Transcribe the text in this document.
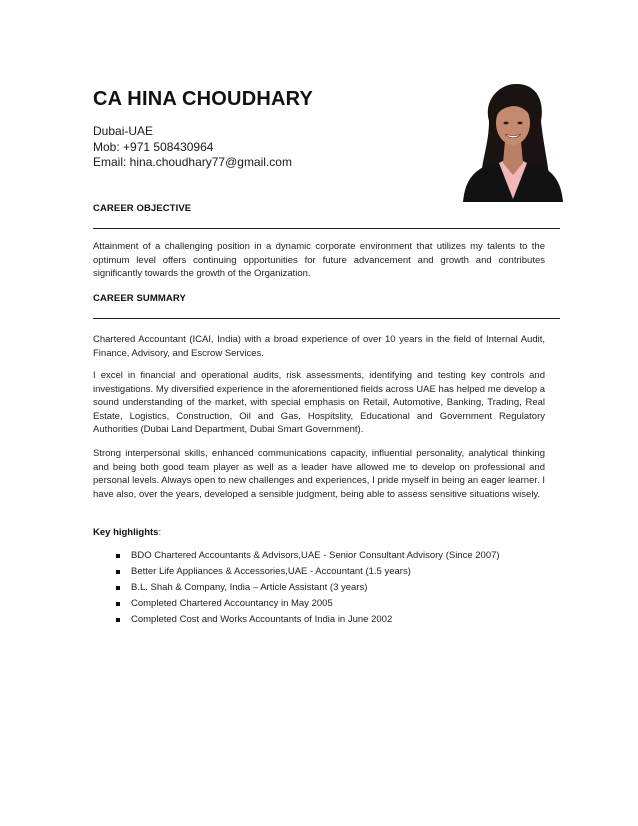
CA HINA CHOUDHARY
Dubai-UAE
Mob: +971 508430964
Email: hina.choudhary77@gmail.com
CAREER OBJECTIVE

Attainment of a challenging position in a dynamic corporate environment that utilizes my talents to the optimum level offers continuing opportunities for future advancement and growth and contributes significantly towards the growth of the Organization.

CAREER SUMMARY

Chartered Accountant (ICAI, India) with a broad experience of over 10 years in the field of Internal Audit, Finance, Advisory, and Escrow Services.

I excel in financial and operational audits, risk assessments, identifying and testing key controls and investigations. My diversified experience in the aforementioned fields across UAE has helped me develop a sound understanding of the market, with special emphasis on Retail, Automotive, Banking, Trading, Real Estate, Logistics, Construction, Oil and Gas, Hospitslity, Educational and Government Regulatory Authorities (Dubai Land Department, Dubai Smart Government).

Strong interpersonal skills, enhanced communications capacity, influential personality, analytical thinking and being both good team player as well as a leader have allowed me to develop on professional and personal levels. Always open to new challenges and experiences, I pride myself in being an eager learner. I have also, over the years, developed a sensible judgment, being able to assess sensitive situations wisely.

Key highlights:
BDO Chartered Accountants & Advisors,UAE - Senior Consultant Advisory (Since 2007)
Better Life Appliances & Accessories,UAE - Accountant (1.5 years)
B.L. Shah & Company, India – Article Assistant (3 years)
Completed Chartered Accountancy in May 2005
Completed Cost and Works Accountants of India in June 2002
